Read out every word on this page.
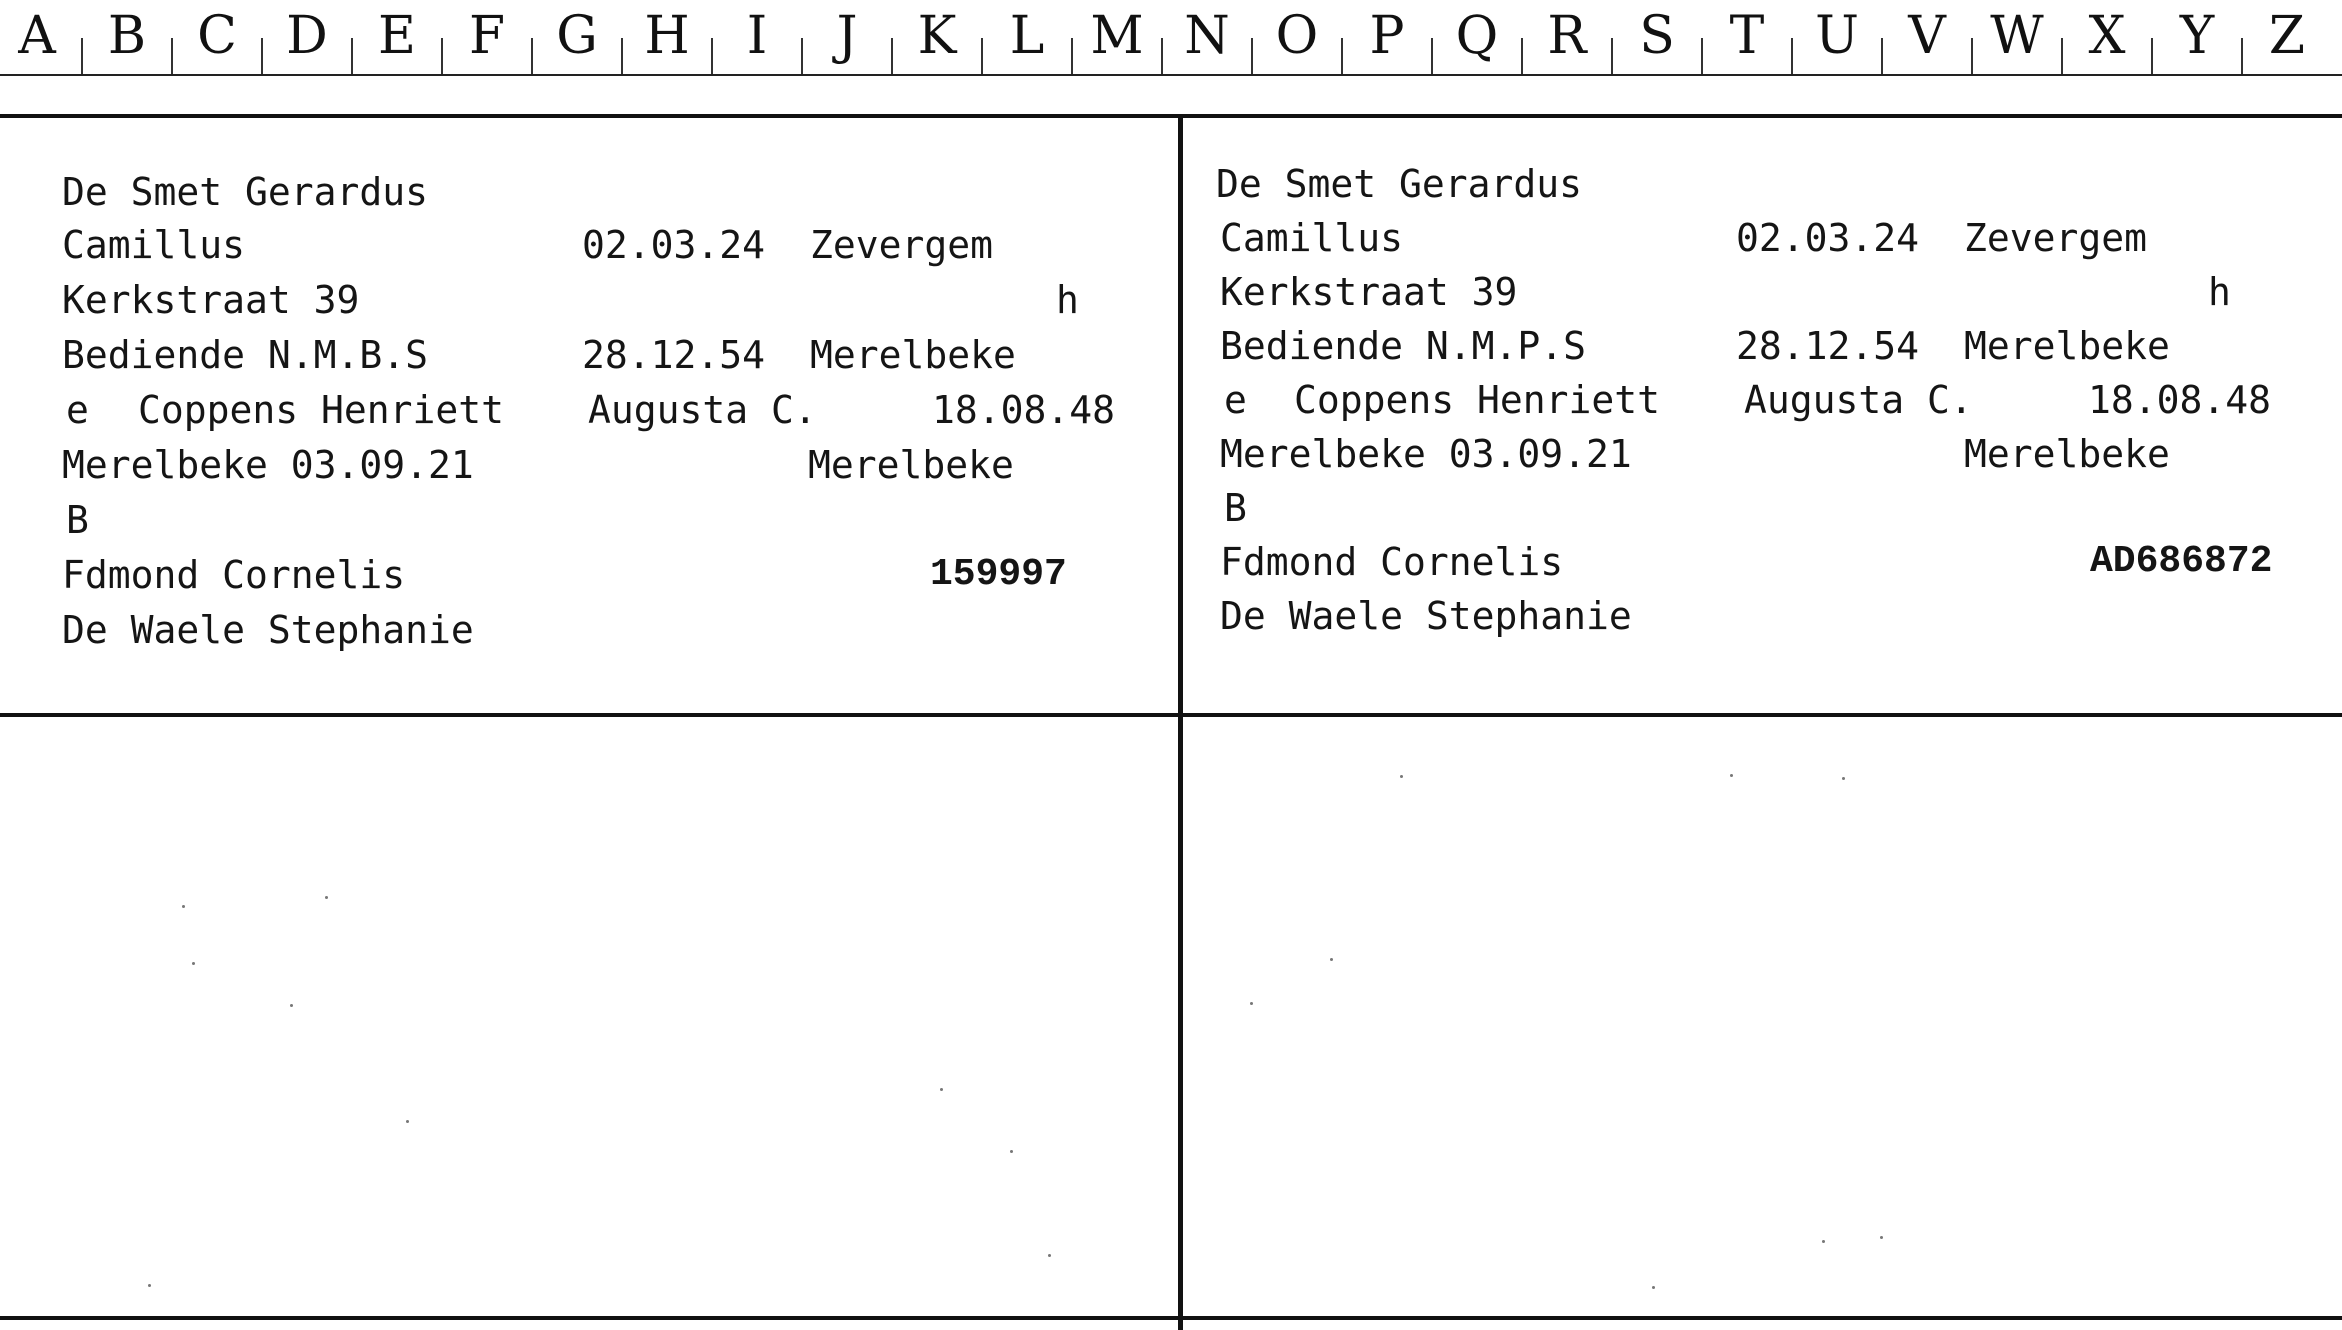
A	B C D E	F G H	I	J	K	L M N O P Q R	S	T U V W X	Y	Z
De Smet Gerardus
Camillus	02.03.24 Zevergem
Kerkstraat 39	h
Bediende N.M.B.S	28.12.54 Merelbeke
e Coppens Henriett Augusta C.	18.08.48
Merelbeke 03.09.21	Merelbeke
B
Fdmond Cornelis	159997
De Waele Stephanie
De Smet Gerardus
Camillus	02.03.24 Zevergem
Kerkstraat 39	h
Bediende N.M.P.S	28.12.54 Merelbeke
e Coppens Henriett Augusta C.	18.08.48
Merelbeke 03.09.21	Merelbeke
B
Fdmond Cornelis	AD686872
De Waele Stephanie
